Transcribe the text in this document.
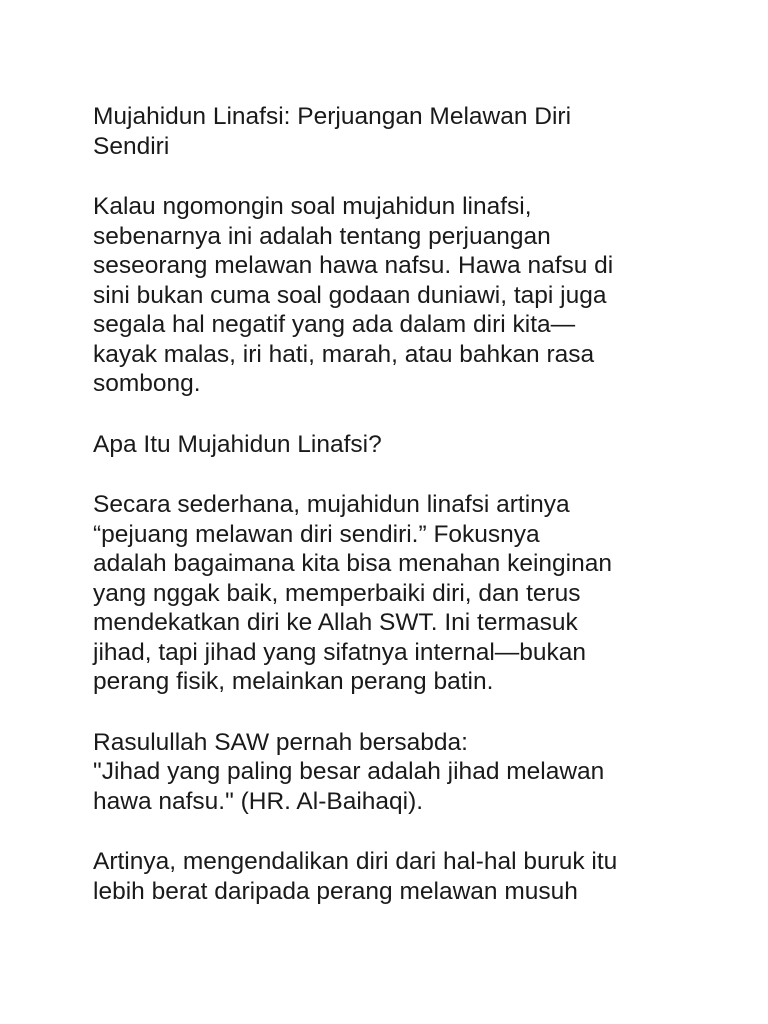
Mujahidun Linafsi: Perjuangan Melawan Diri
Sendiri

Kalau ngomongin soal mujahidun linafsi,
sebenarnya ini adalah tentang perjuangan
seseorang melawan hawa nafsu. Hawa nafsu di
sini bukan cuma soal godaan duniawi, tapi juga
segala hal negatif yang ada dalam diri kita—
kayak malas, iri hati, marah, atau bahkan rasa
sombong.

Apa Itu Mujahidun Linafsi?

Secara sederhana, mujahidun linafsi artinya
“pejuang melawan diri sendiri.” Fokusnya
adalah bagaimana kita bisa menahan keinginan
yang nggak baik, memperbaiki diri, dan terus
mendekatkan diri ke Allah SWT. Ini termasuk
jihad, tapi jihad yang sifatnya internal—bukan
perang fisik, melainkan perang batin.

Rasulullah SAW pernah bersabda:
"Jihad yang paling besar adalah jihad melawan
hawa nafsu." (HR. Al-Baihaqi).

Artinya, mengendalikan diri dari hal-hal buruk itu
lebih berat daripada perang melawan musuh
